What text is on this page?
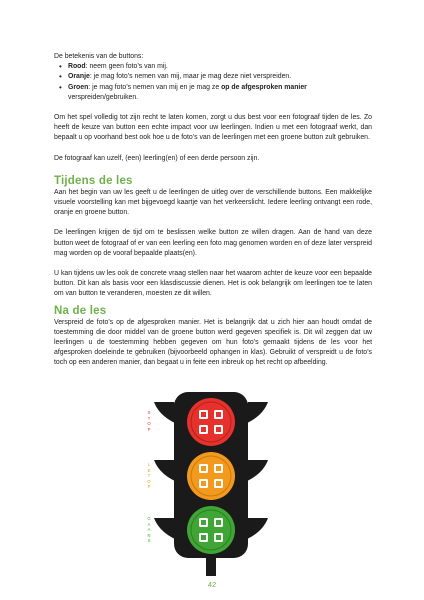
De betekenis van de buttons:

• Rood: neem geen foto’s van mij.
• Oranje: je mag foto’s nemen van mij, maar je mag deze niet verspreiden.
• Groen: je mag foto’s nemen van mij en je mag ze op de afgesproken manier verspreiden/gebruiken.

Om het spel volledig tot zijn recht te laten komen, zorgt u dus best voor een fotograaf tijden de les. Zo heeft de keuze van button een echte impact voor uw leerlingen. Indien u met een fotograaf werkt, dan bepaalt u op voorhand best ook hoe u de foto’s van de leerlingen met een groene button zult gebruiken.

De fotograaf kan uzelf, (een) leerling(en) of een derde persoon zijn.

Tijdens de les

Aan het begin van uw les geeft u de leerlingen de uitleg over de verschillende buttons. Een makkelijke visuele voorstelling kan met bijgevoegd kaartje van het verkeerslicht. Iedere leerling ontvangt een rode, oranje en groene button.

De leerlingen krijgen de tijd om te beslissen welke button ze willen dragen. Aan de hand van deze button weet de fotograaf of er van een leerling een foto mag genomen worden en of deze later verspreid mag worden op de vooraf bepaalde plaats(en).

U kan tijdens uw les ook de concrete vraag stellen naar het waarom achter de keuze voor een bepaalde button. Dit kan als basis voor een klasdiscussie dienen. Het is ook belangrijk om leerlingen toe te laten om van button te veranderen, moesten ze dit willen.

Na de les

Verspreid de foto’s op de afgesproken manier. Het is belangrijk dat u zich hier aan houdt omdat de toestemming die door middel van de groene button werd gegeven specifiek is. Dit wil zeggen dat uw leerlingen u de toestemming hebben gegeven om hun foto’s gemaakt tijdens de les voor het afgesproken doeleinde te gebruiken (bijvoorbeeld ophangen in klas). Gebruikt of verspreidt u de foto’s toch op een anderen manier, dan begaat u in feite een inbreuk op het recht op afbeelding.

S
T
O
P
L
E
T
O
P
G
A
A
N
S
42
